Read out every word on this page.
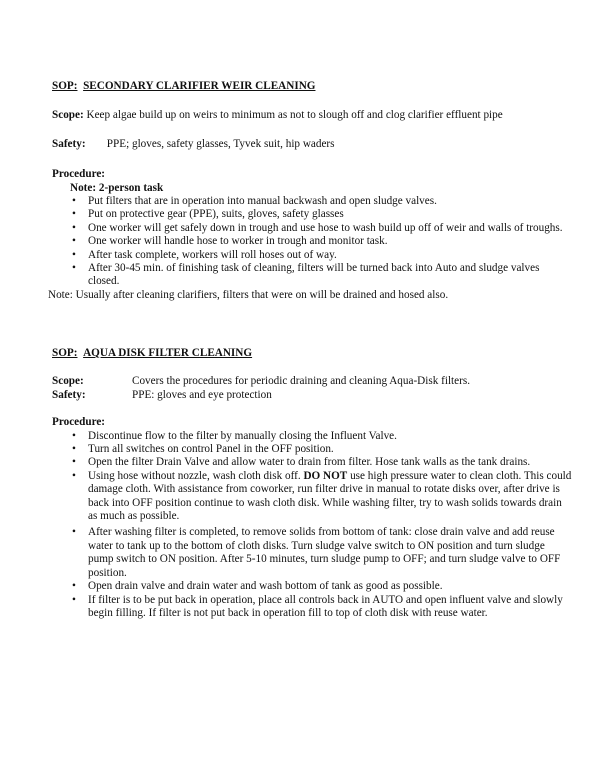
SOP: SECONDARY CLARIFIER WEIR CLEANING
Scope: Keep algae build up on weirs to minimum as not to slough off and clog clarifier effluent pipe
Safety: PPE; gloves, safety glasses, Tyvek suit, hip waders
Procedure:
Note: 2-person task
• Put filters that are in operation into manual backwash and open sludge valves.
• Put on protective gear (PPE), suits, gloves, safety glasses
• One worker will get safely down in trough and use hose to wash build up off of weir and walls of troughs.
• One worker will handle hose to worker in trough and monitor task.
• After task complete, workers will roll hoses out of way.
• After 30-45 min. of finishing task of cleaning, filters will be turned back into Auto and sludge valves closed.
Note: Usually after cleaning clarifiers, filters that were on will be drained and hosed also.
SOP: AQUA DISK FILTER CLEANING
Scope:	Covers the procedures for periodic draining and cleaning Aqua-Disk filters.
Safety:	PPE: gloves and eye protection
Procedure:
• Discontinue flow to the filter by manually closing the Influent Valve.
• Turn all switches on control Panel in the OFF position.
• Open the filter Drain Valve and allow water to drain from filter. Hose tank walls as the tank drains.
• Using hose without nozzle, wash cloth disk off. DO NOT use high pressure water to clean cloth. This could damage cloth. With assistance from coworker, run filter drive in manual to rotate disks over, after drive is back into OFF position continue to wash cloth disk. While washing filter, try to wash solids towards drain as much as possible.
• After washing filter is completed, to remove solids from bottom of tank: close drain valve and add reuse water to tank up to the bottom of cloth disks. Turn sludge valve switch to ON position and turn sludge pump switch to ON position. After 5-10 minutes, turn sludge pump to OFF; and turn sludge valve to OFF position.
• Open drain valve and drain water and wash bottom of tank as good as possible.
• If filter is to be put back in operation, place all controls back in AUTO and open influent valve and slowly begin filling. If filter is not put back in operation fill to top of cloth disk with reuse water.
